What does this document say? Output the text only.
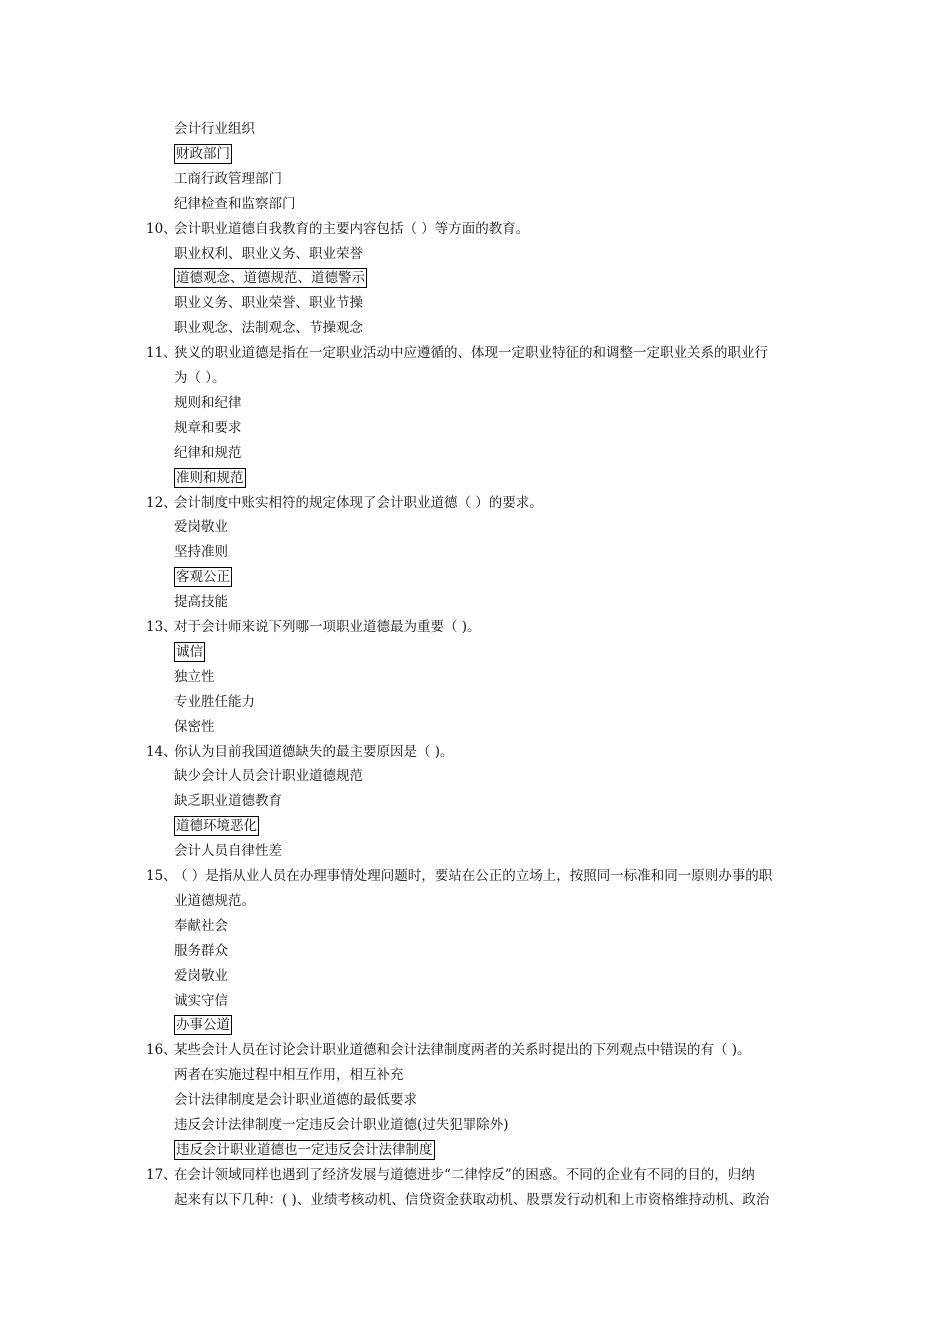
会计行业组织
财政部门
工商行政管理部门
纪律检查和监察部门
10、
会计职业道德自我教育的主要内容包括（ ）等方面的教育。
职业权利、职业义务、职业荣誉
道德观念、道德规范、道德警示
职业义务、职业荣誉、职业节操
职业观念、法制观念、节操观念
11、
狭义的职业道德是指在一定职业活动中应遵循的、体现一定职业特征的和调整一定职业关系的职业行
为（ ）。
规则和纪律
规章和要求
纪律和规范
准则和规范
12、
会计制度中账实相符的规定体现了会计职业道德（ ）的要求。
爱岗敬业
坚持准则
客观公正
提高技能
13、
对于会计师来说下列哪一项职业道德最为重要（ )。
诚信
独立性
专业胜任能力
保密性
14、
你认为目前我国道德缺失的最主要原因是（ )。
缺少会计人员会计职业道德规范
缺乏职业道德教育
道德环境恶化
会计人员自律性差
15、
（ ）是指从业人员在办理事情处理问题时，要站在公正的立场上，按照同一标准和同一原则办事的职
业道德规范。
奉献社会
服务群众
爱岗敬业
诚实守信
办事公道
16、
某些会计人员在讨论会计职业道德和会计法律制度两者的关系时提出的下列观点中错误的有（ )。
两者在实施过程中相互作用，相互补充
会计法律制度是会计职业道德的最低要求
违反会计法律制度一定违反会计职业道德(过失犯罪除外)
违反会计职业道德也一定违反会计法律制度
17、
在会计领域同样也遇到了经济发展与道德进步“二律悖反”的困惑。不同的企业有不同的目的，归纳
起来有以下几种：( )、业绩考核动机、信贷资金获取动机、股票发行动机和上市资格维持动机、政治
